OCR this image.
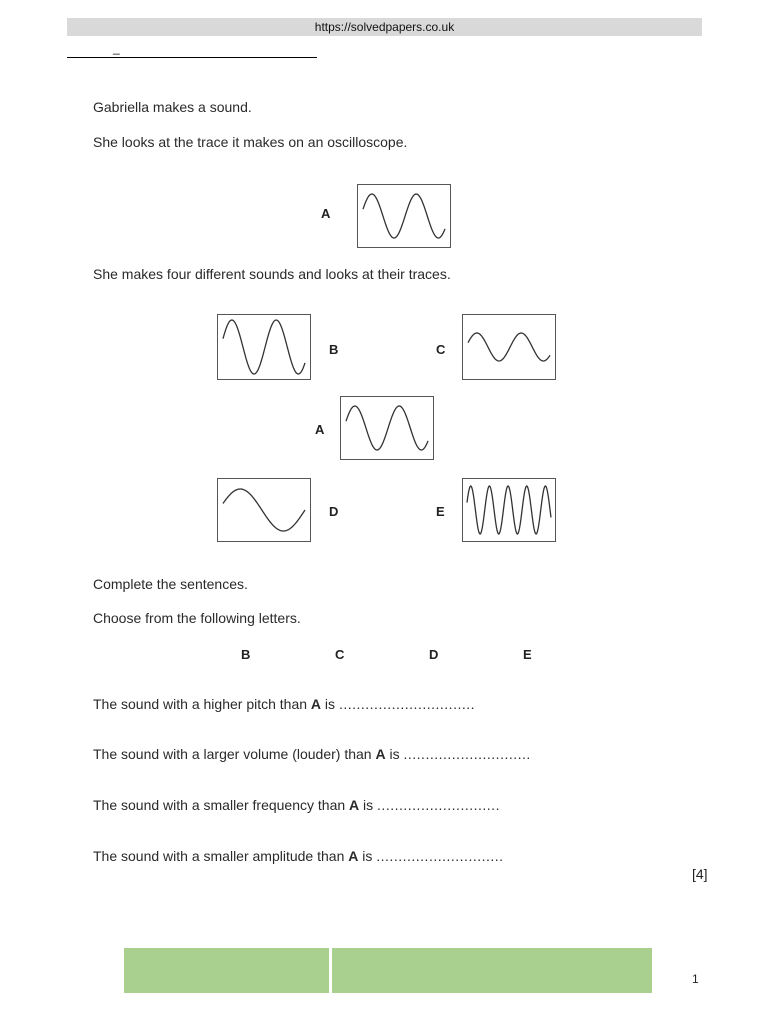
https://solvedpapers.co.uk
_
Gabriella makes a sound.
She looks at the trace it makes on an oscilloscope.
A
She makes four different sounds and looks at their traces.
B	C
A
D	E
Complete the sentences.
Choose from the following letters.
B	C	D	E
The sound with a higher pitch than A is ...............................
The sound with a larger volume (louder) than A is .............................
The sound with a smaller frequency than A is ............................
The sound with a smaller amplitude than A is .............................
[4]
1
